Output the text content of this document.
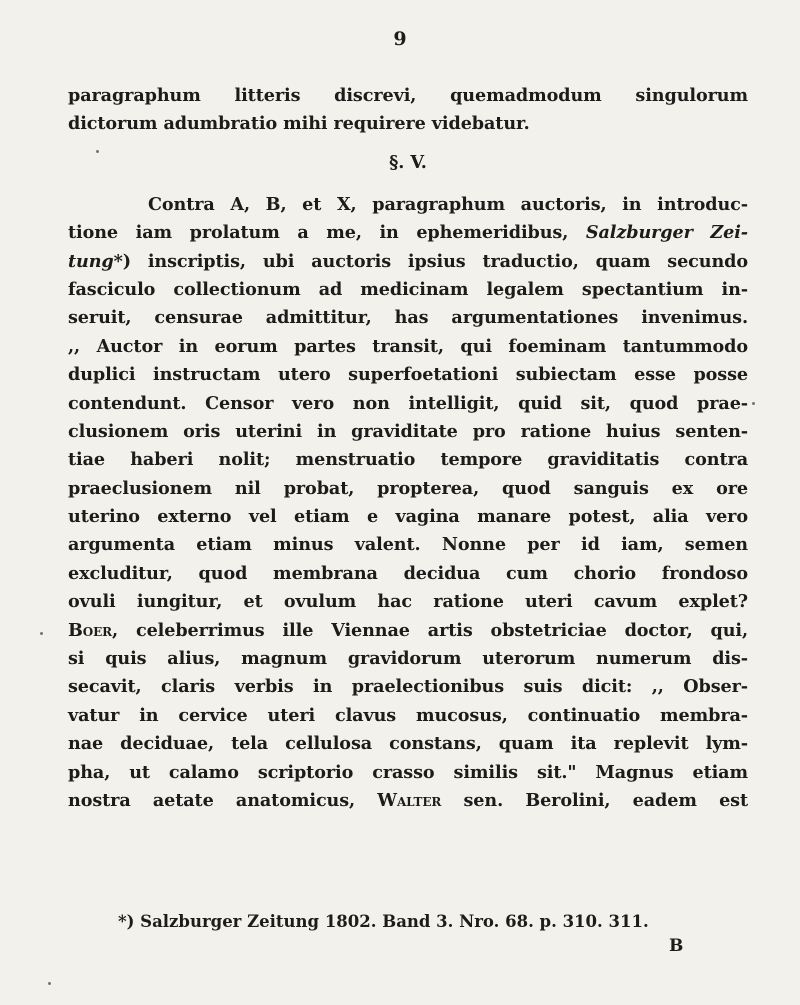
9
paragraphum litteris discrevi, quemadmodum singulorum
dictorum adumbratio mihi requirere videbatur.
§. V.
Contra A, B, et X, paragraphum auctoris, in introduc-
tione iam prolatum a me, in ephemeridibus, Salzburger Zei-
tung*) inscriptis, ubi auctoris ipsius traductio, quam secundo
fasciculo collectionum ad medicinam legalem spectantium in-
seruit, censurae admittitur, has argumentationes invenimus.
,, Auctor in eorum partes transit, qui foeminam tantummodo
duplici instructam utero superfoetationi subiectam esse posse
contendunt. Censor vero non intelligit, quid sit, quod prae-
clusionem oris uterini in graviditate pro ratione huius senten-
tiae haberi nolit; menstruatio tempore graviditatis contra
praeclusionem nil probat, propterea, quod sanguis ex ore
uterino externo vel etiam e vagina manare potest, alia vero
argumenta etiam minus valent. Nonne per id iam, semen
excluditur, quod membrana decidua cum chorio frondoso
ovuli iungitur, et ovulum hac ratione uteri cavum explet?
Boer, celeberrimus ille Viennae artis obstetriciae doctor, qui,
si quis alius, magnum gravidorum uterorum numerum dis-
secavit, claris verbis in praelectionibus suis dicit: ,, Obser-
vatur in cervice uteri clavus mucosus, continuatio membra-
nae deciduae, tela cellulosa constans, quam ita replevit lym-
pha, ut calamo scriptorio crasso similis sit." Magnus etiam
nostra aetate anatomicus, Walter sen. Berolini, eadem est
*) Salzburger Zeitung 1802. Band 3. Nro. 68. p. 310. 311.
B
